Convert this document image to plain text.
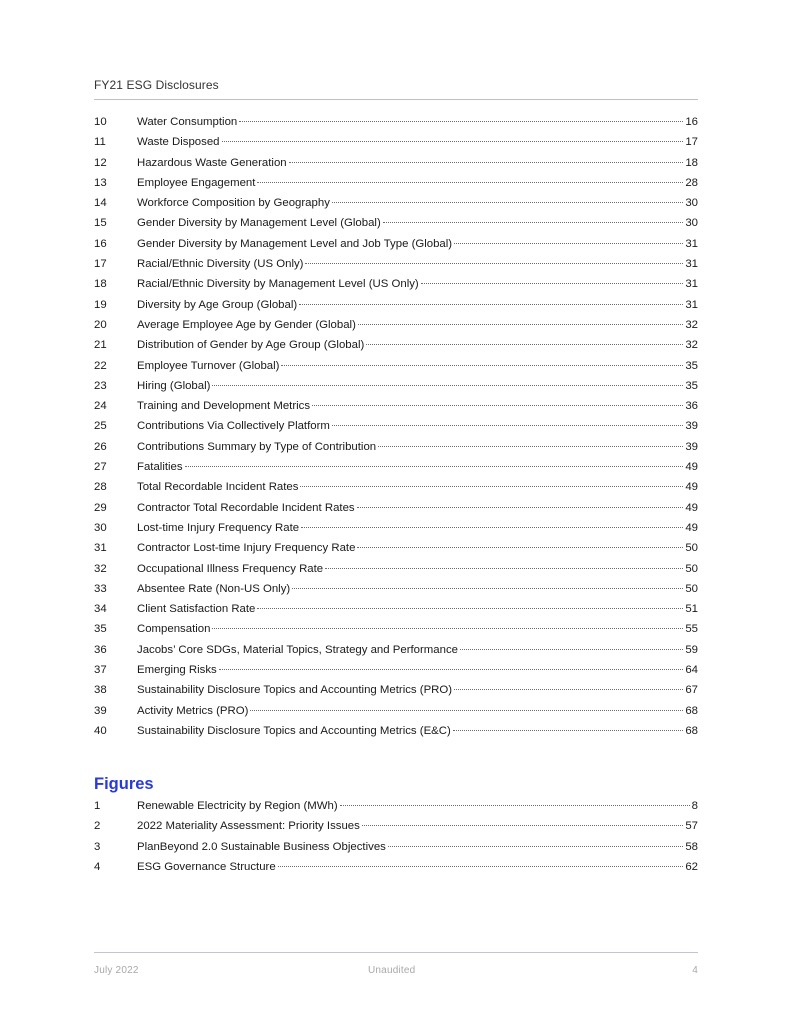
FY21 ESG Disclosures
10	Water Consumption	16
11	Waste Disposed	17
12	Hazardous Waste Generation	18
13	Employee Engagement	28
14	Workforce Composition by Geography	30
15	Gender Diversity by Management Level (Global)	30
16	Gender Diversity by Management Level and Job Type (Global)	31
17	Racial/Ethnic Diversity (US Only)	31
18	Racial/Ethnic Diversity by Management Level (US Only)	31
19	Diversity by Age Group (Global)	31
20	Average Employee Age by Gender (Global)	32
21	Distribution of Gender by Age Group (Global)	32
22	Employee Turnover (Global)	35
23	Hiring (Global)	35
24	Training and Development Metrics	36
25	Contributions Via Collectively Platform	39
26	Contributions Summary by Type of Contribution	39
27	Fatalities	49
28	Total Recordable Incident Rates	49
29	Contractor Total Recordable Incident Rates	49
30	Lost-time Injury Frequency Rate	49
31	Contractor Lost-time Injury Frequency Rate	50
32	Occupational Illness Frequency Rate	50
33	Absentee Rate (Non-US Only)	50
34	Client Satisfaction Rate	51
35	Compensation	55
36	Jacobs’ Core SDGs, Material Topics, Strategy and Performance	59
37	Emerging Risks	64
38	Sustainability Disclosure Topics and Accounting Metrics (PRO)	67
39	Activity Metrics (PRO)	68
40	Sustainability Disclosure Topics and Accounting Metrics (E&C)	68
Figures
1	Renewable Electricity by Region (MWh)	8
2	2022 Materiality Assessment: Priority Issues	57
3	PlanBeyond 2.0 Sustainable Business Objectives	58
4	ESG Governance Structure	62
July 2022	Unaudited	4
